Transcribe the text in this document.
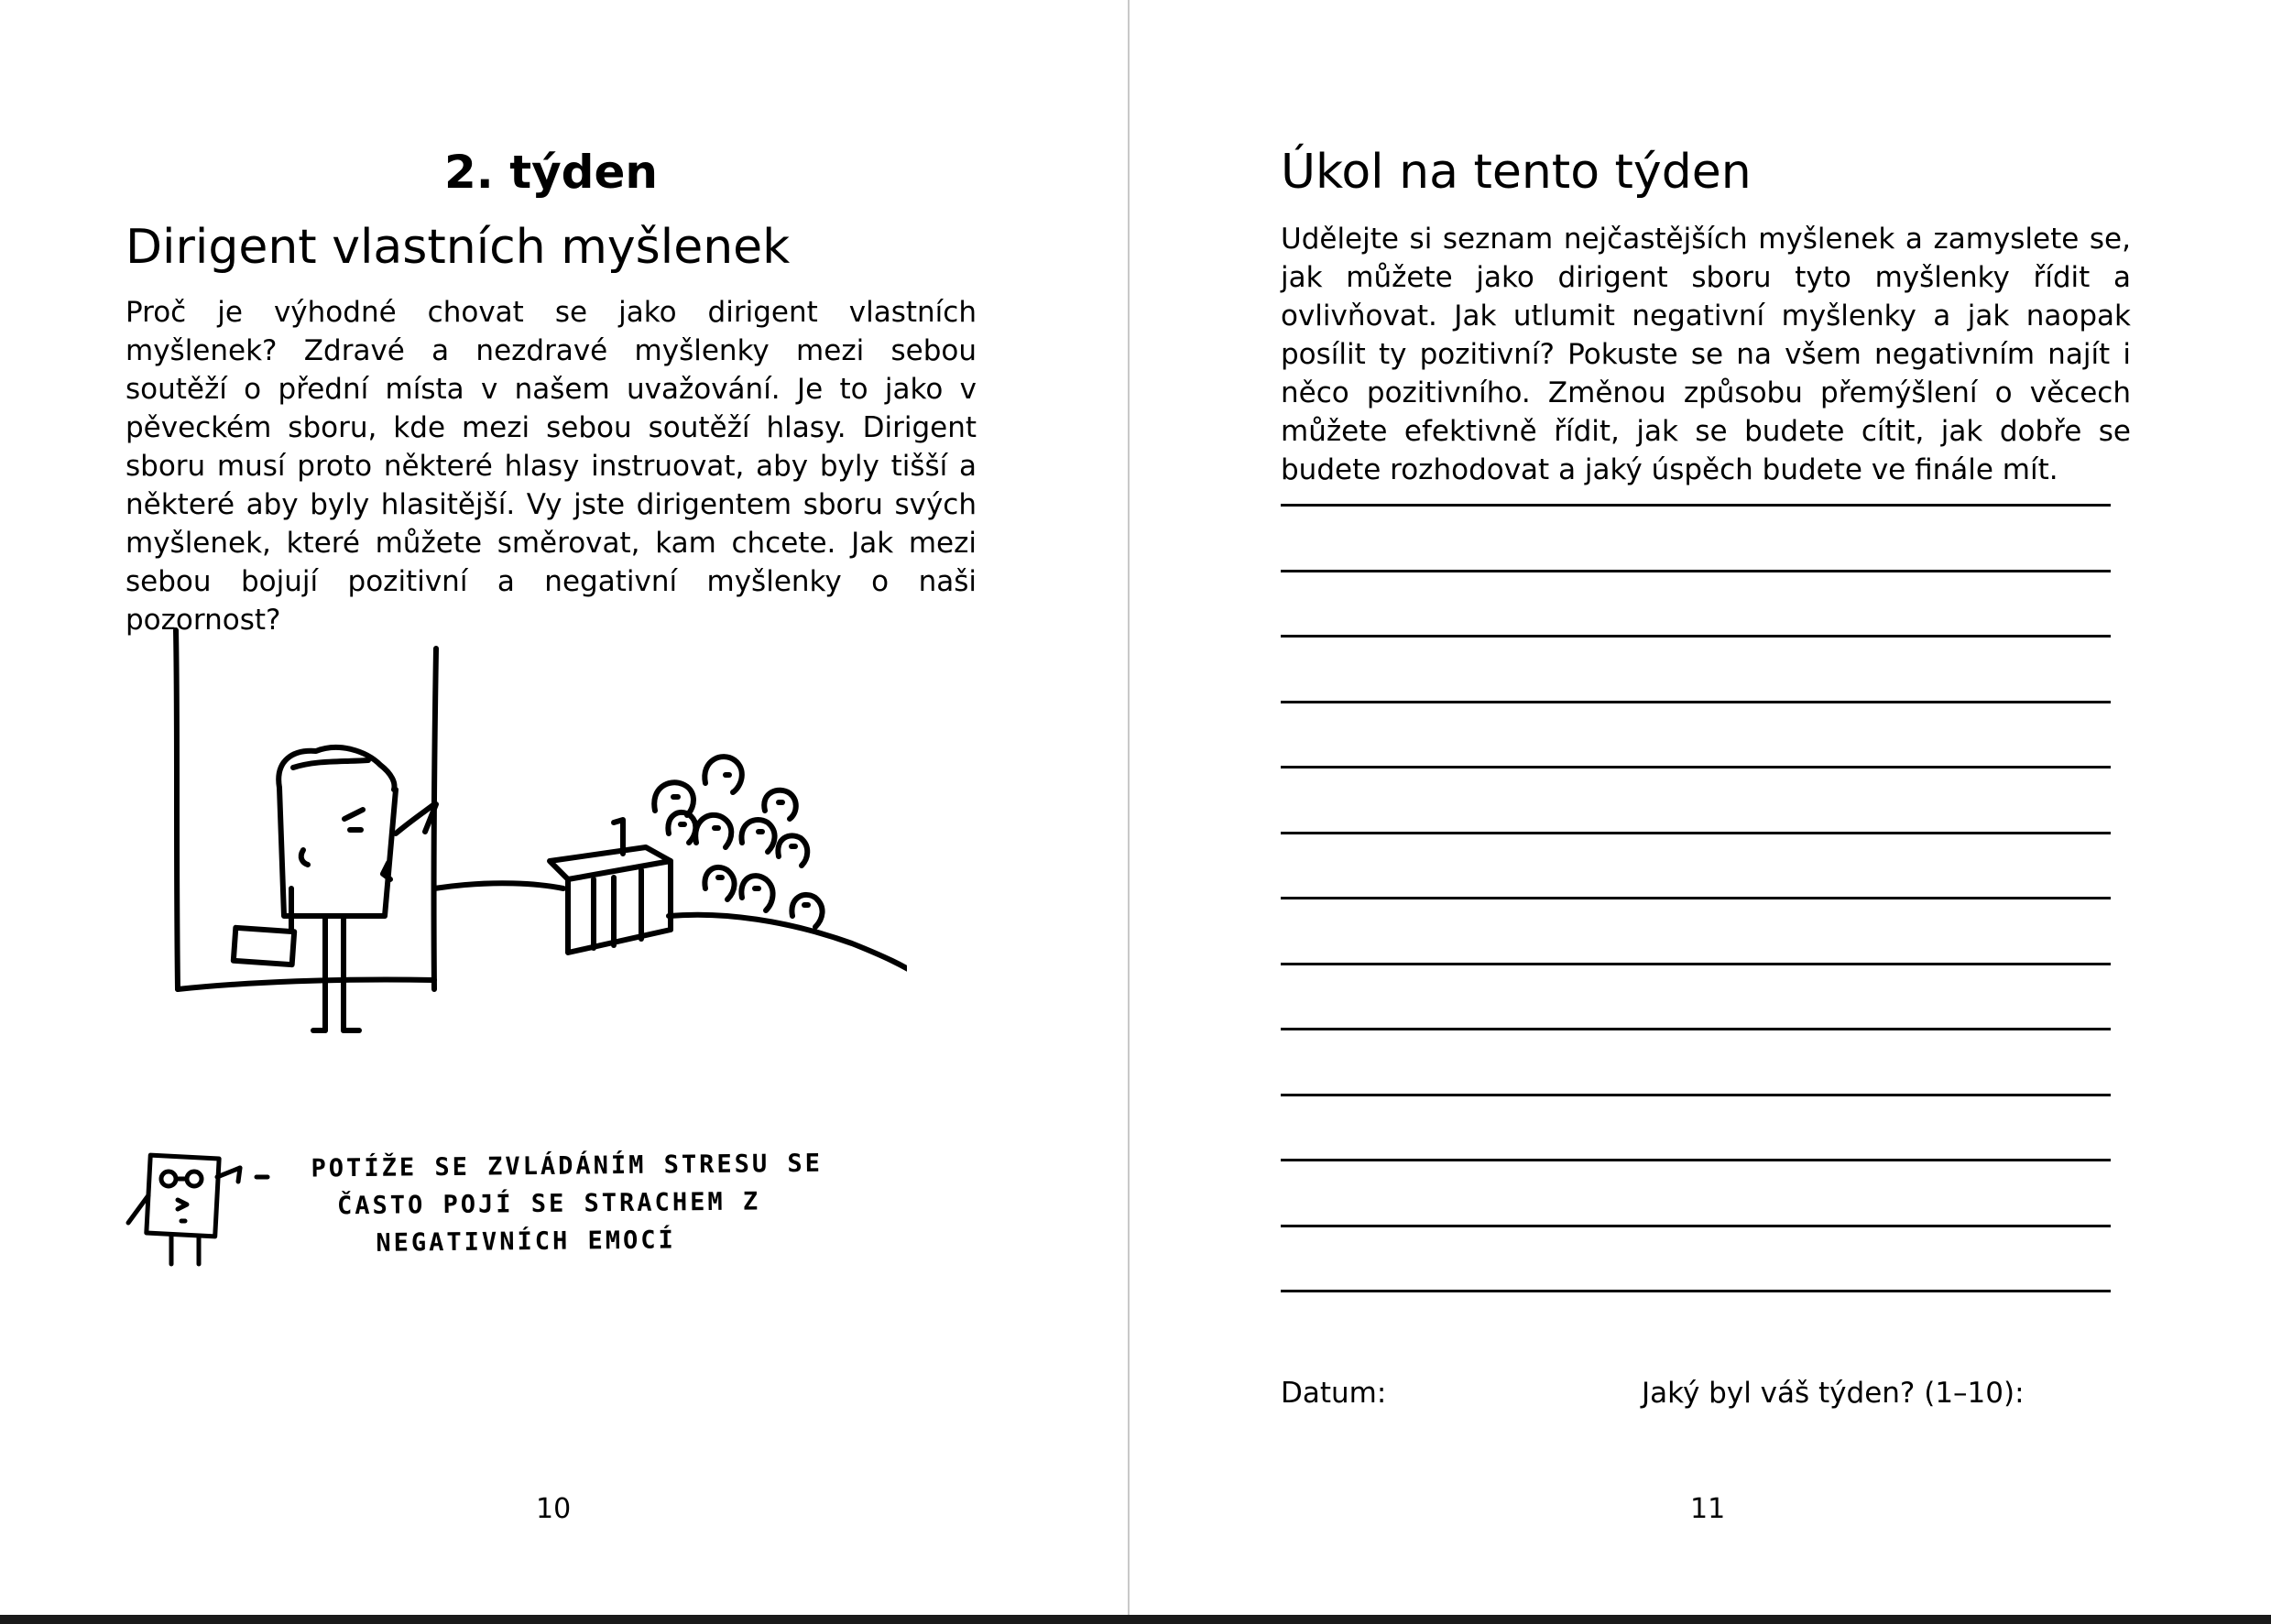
2. týden
Dirigent vlastních myšlenek

Proč je výhodné chovat se jako dirigent vlastních myšlenek? Zdravé a nezdravé myšlenky mezi sebou soutěží o přední místa v našem uvažování. Je to jako v pěveckém sboru, kde mezi sebou soutěží hlasy. Dirigent sboru musí proto některé hlasy instruovat, aby byly tišší a některé aby byly hlasitější. Vy jste dirigentem sboru svých myšlenek, které můžete směrovat, kam chcete. Jak mezi sebou bojují pozitivní a negativní myšlenky o naši pozornost?

POTÍŽE SE ZVLÁDÁNÍM STRESU SE
ČASTO POJÍ SE STRACHEM Z
NEGATIVNÍCH EMOCÍ

10
Úkol na tento týden

Udělejte si seznam nejčastějších myšlenek a zamyslete se, jak můžete jako dirigent sboru tyto myšlenky řídit a ovlivňovat. Jak utlumit negativní myšlenky a jak naopak posílit ty pozitivní? Pokuste se na všem negativním najít i něco pozitivního. Změnou způsobu přemýšlení o věcech můžete efektivně řídit, jak se budete cítit, jak dobře se budete rozhodovat a jaký úspěch budete ve finále mít.

Datum:	Jaký byl váš týden? (1–10):
11
